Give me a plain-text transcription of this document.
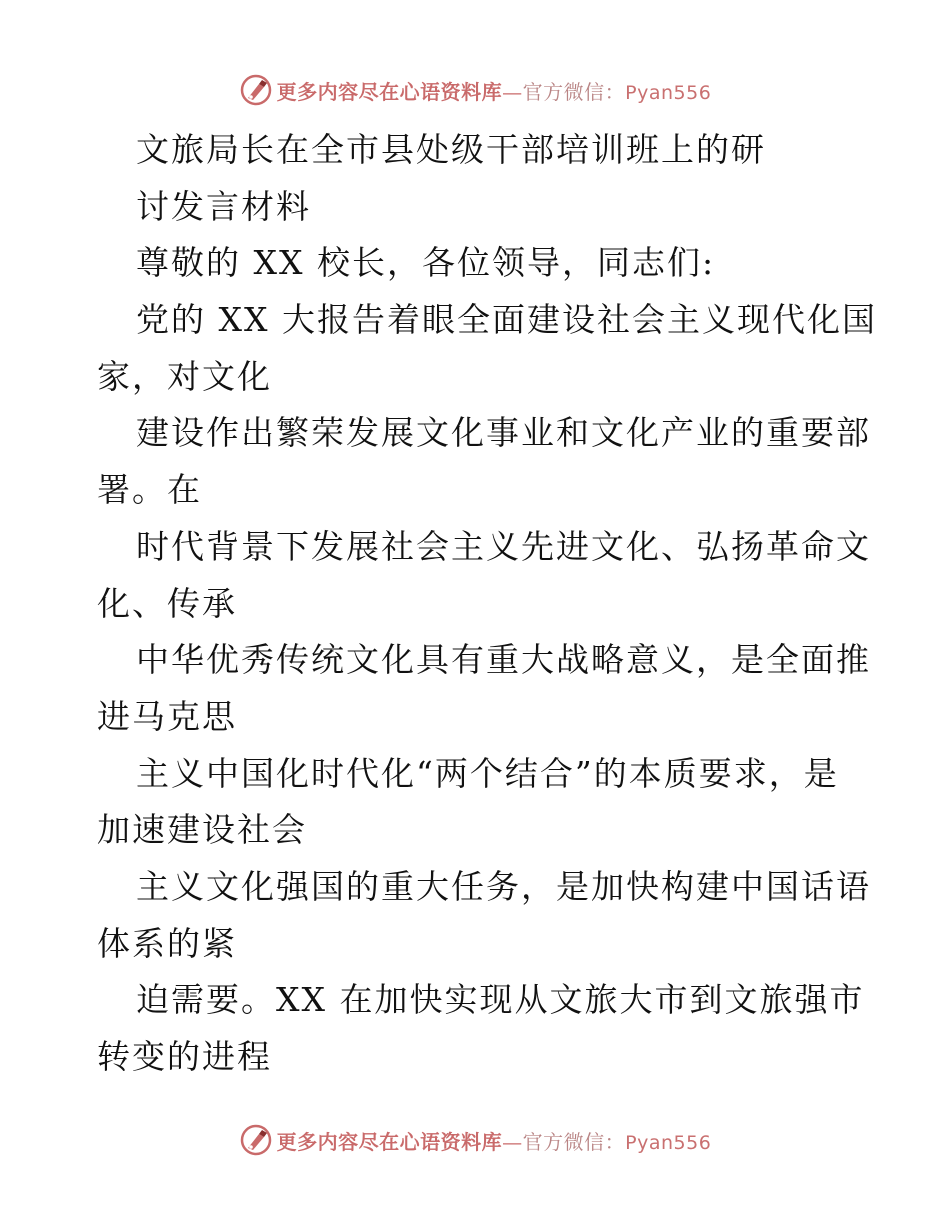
更多内容尽在心语资料库—官方微信：Pyan556
文旅局长在全市县处级干部培训班上的研
讨发言材料
尊敬的 XX 校长，各位领导，同志们:
党的 XX 大报告着眼全面建设社会主义现代化国
家，对文化
建设作出繁荣发展文化事业和文化产业的重要部
署。在
时代背景下发展社会主义先进文化、弘扬革命文
化、传承
中华优秀传统文化具有重大战略意义，是全面推
进马克思
主义中国化时代化“两个结合”的本质要求，是
加速建设社会
主义文化强国的重大任务，是加快构建中国话语
体系的紧
迫需要。XX 在加快实现从文旅大市到文旅强市
转变的进程
更多内容尽在心语资料库—官方微信：Pyan556
